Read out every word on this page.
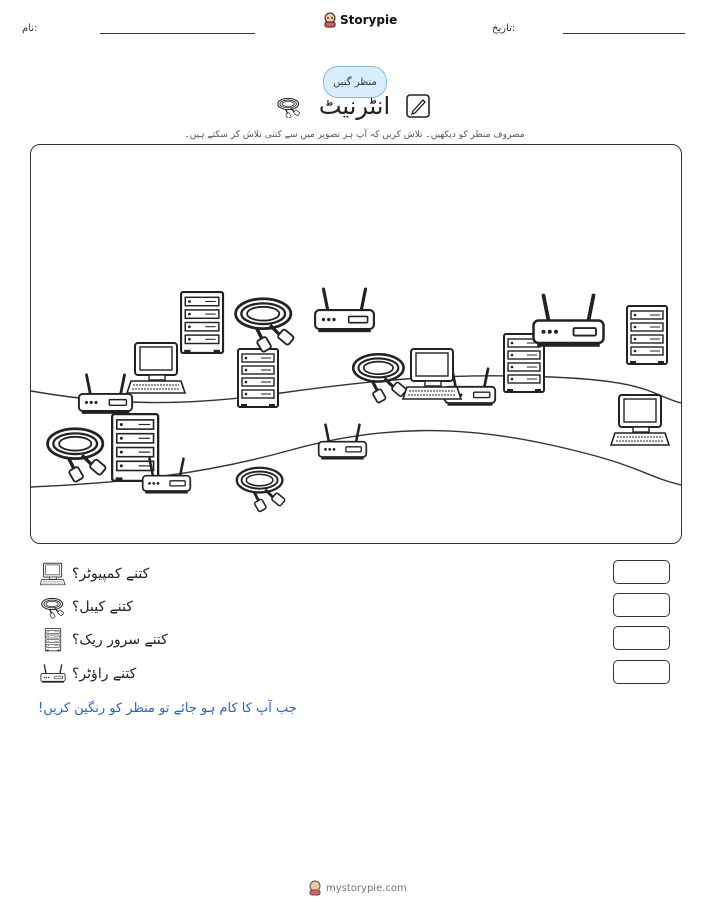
نام:
Storypie
تاریخ:
منظر گنیں
انٹرنیٹ
مصروف منظر کو دیکھیں۔ تلاش کریں کہ آپ ہر تصویر میں سے کتنی تلاش کر سکتے ہیں۔
کتنے کمپیوٹر؟
کتنے کیبل؟
کتنے سرور ریک؟
کتنے راؤٹر؟
جب آپ کا کام ہو جائے تو منظر کو رنگین کریں!
mystorypie.com
